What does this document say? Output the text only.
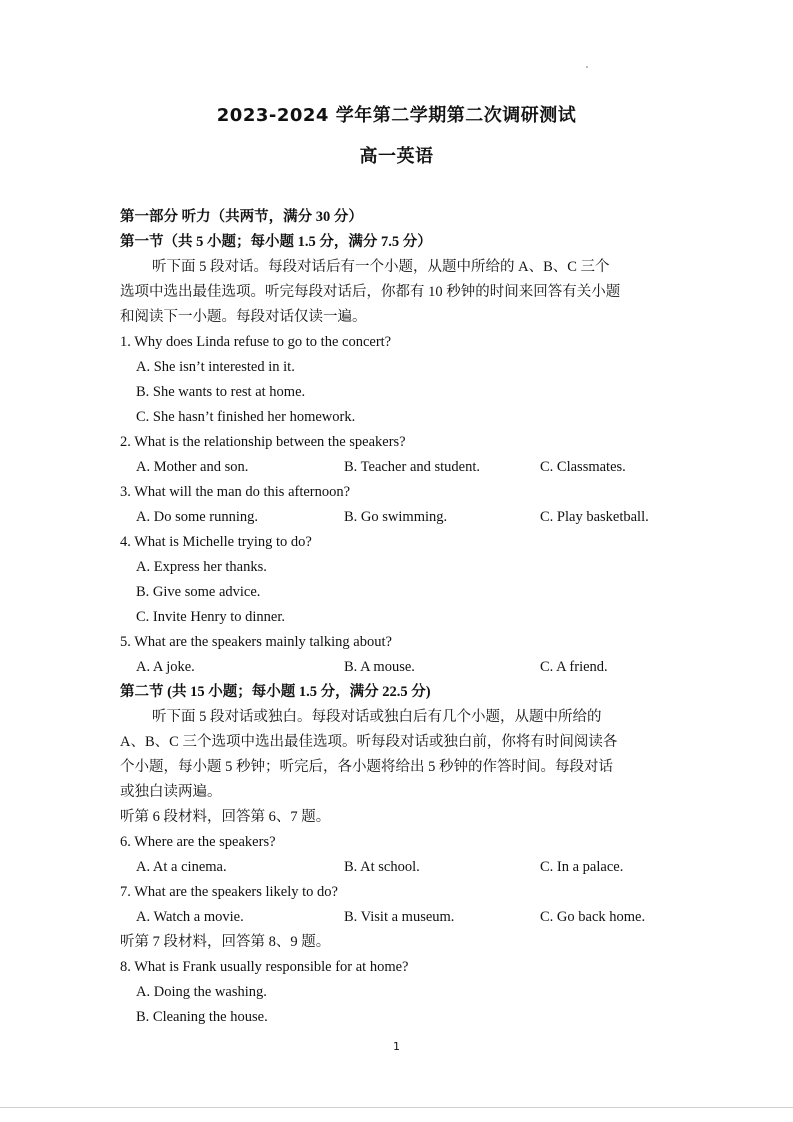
2023-2024 学年第二学期第二次调研测试
高一英语
第一部分 听力（共两节，满分 30 分）
第一节（共 5 小题；每小题 1.5 分，满分 7.5 分）
听下面 5 段对话。每段对话后有一个小题，从题中所给的 A、B、C 三个
选项中选出最佳选项。听完每段对话后，你都有 10 秒钟的时间来回答有关小题
和阅读下一小题。每段对话仅读一遍。
1. Why does Linda refuse to go to the concert?
A. She isn’t interested in it.
B. She wants to rest at home.
C. She hasn’t finished her homework.
2. What is the relationship between the speakers?
A. Mother and son.	B. Teacher and student.	C. Classmates.
3. What will the man do this afternoon?
A. Do some running.	B. Go swimming.	C. Play basketball.
4. What is Michelle trying to do?
A. Express her thanks.
B. Give some advice.
C. Invite Henry to dinner.
5. What are the speakers mainly talking about?
A. A joke.	B. A mouse.	C. A friend.
第二节 (共 15 小题；每小题 1.5 分，满分 22.5 分)
听下面 5 段对话或独白。每段对话或独白后有几个小题，从题中所给的
A、B、C 三个选项中选出最佳选项。听每段对话或独白前，你将有时间阅读各
个小题，每小题 5 秒钟；听完后，各小题将给出 5 秒钟的作答时间。每段对话
或独白读两遍。
听第 6 段材料，回答第 6、7 题。
6. Where are the speakers?
A. At a cinema.	B. At school.	C. In a palace.
7. What are the speakers likely to do?
A. Watch a movie.	B. Visit a museum.	C. Go back home.
听第 7 段材料，回答第 8、9 题。
8. What is Frank usually responsible for at home?
A. Doing the washing.
B. Cleaning the house.
1
